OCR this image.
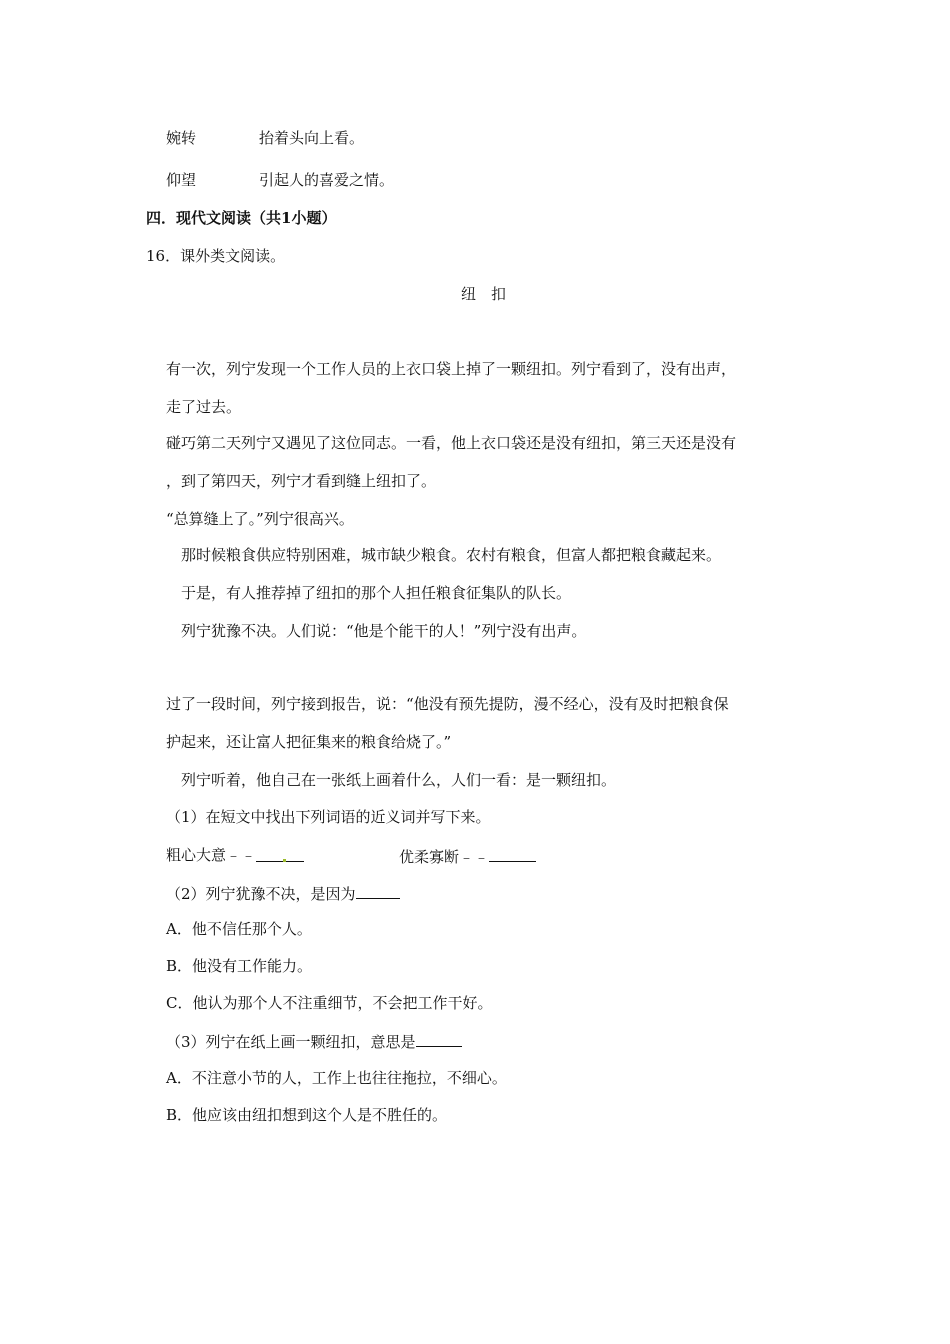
婉转	抬着头向上看。
仰望	引起人的喜爱之情。
四．现代文阅读（共1小题）
16．课外类文阅读。
纽　扣
有一次，列宁发现一个工作人员的上衣口袋上掉了一颗纽扣。列宁看到了，没有出声，
走了过去。
碰巧第二天列宁又遇见了这位同志。一看，他上衣口袋还是没有纽扣，第三天还是没有
，到了第四天，列宁才看到缝上纽扣了。
“总算缝上了。”列宁很高兴。
那时候粮食供应特别困难，城市缺少粮食。农村有粮食，但富人都把粮食藏起来。
于是，有人推荐掉了纽扣的那个人担任粮食征集队的队长。
列宁犹豫不决。人们说：“他是个能干的人！”列宁没有出声。
过了一段时间，列宁接到报告，说：“他没有预先提防，漫不经心，没有及时把粮食保
护起来，还让富人把征集来的粮食给烧了。”
列宁听着，他自己在一张纸上画着什么，人们一看：是一颗纽扣。
（1）在短文中找出下列词语的近义词并写下来。
粗心大意﹣﹣	优柔寡断﹣﹣
（2）列宁犹豫不决，是因为
A．他不信任那个人。
B．他没有工作能力。
C．他认为那个人不注重细节，不会把工作干好。
（3）列宁在纸上画一颗纽扣，意思是
A．不注意小节的人，工作上也往往拖拉，不细心。
B．他应该由纽扣想到这个人是不胜任的。
